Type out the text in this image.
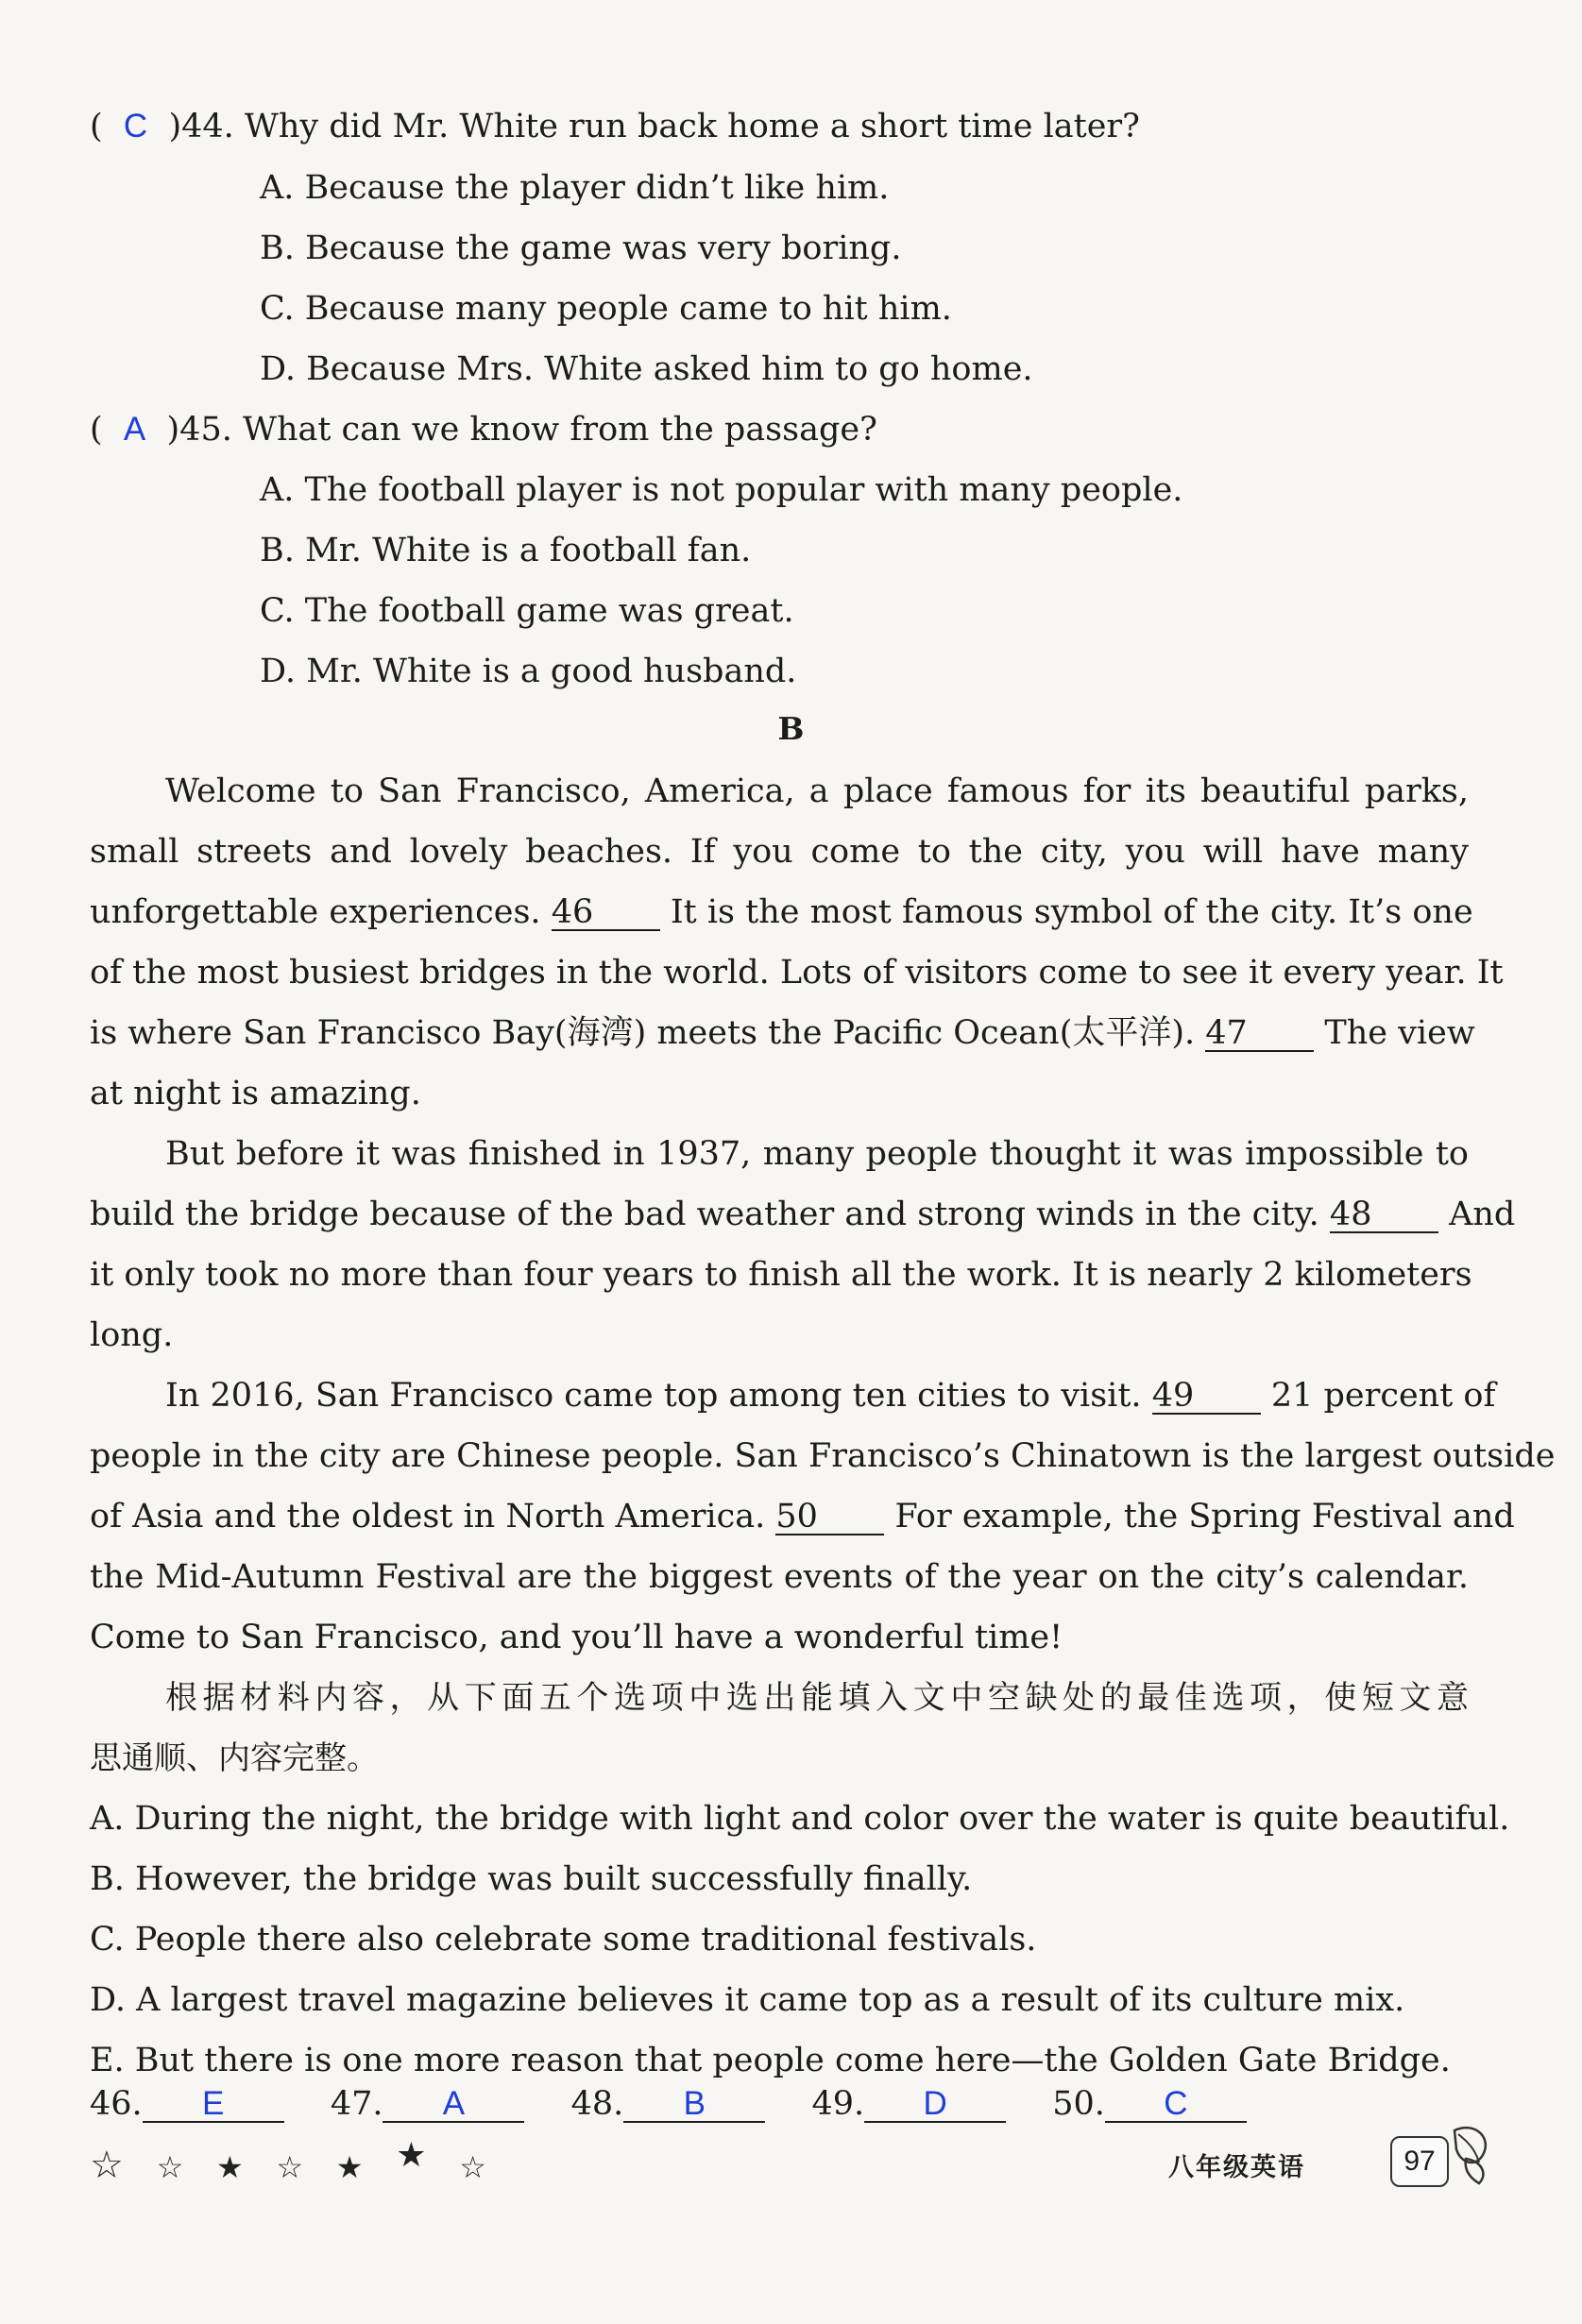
(  C  )44. Why did Mr. White run back home a short time later?
A. Because the player didn’t like him.
B. Because the game was very boring.
C. Because many people came to hit him.
D. Because Mrs. White asked him to go home.
(  A  )45. What can we know from the passage?
A. The football player is not popular with many people.
B. Mr. White is a football fan.
C. The football game was great.
D. Mr. White is a good husband.
B
Welcome to San Francisco, America, a place famous for its beautiful parks,
small streets and lovely beaches. If you come to the city, you will have many
unforgettable experiences. 46 It is the most famous symbol of the city. It’s one
of the most busiest bridges in the world. Lots of visitors come to see it every year. It
is where San Francisco Bay(海湾) meets the Pacific Ocean(太平洋). 47 The view
at night is amazing.
But before it was finished in 1937, many people thought it was impossible to
build the bridge because of the bad weather and strong winds in the city. 48 And
it only took no more than four years to finish all the work. It is nearly 2 kilometers
long.
In 2016, San Francisco came top among ten cities to visit. 49 21 percent of
people in the city are Chinese people. San Francisco’s Chinatown is the largest outside
of Asia and the oldest in North America. 50 For example, the Spring Festival and
the Mid-Autumn Festival are the biggest events of the year on the city’s calendar.
Come to San Francisco, and you’ll have a wonderful time!
根据材料内容，从下面五个选项中选出能填入文中空缺处的最佳选项，使短文意
思通顺、内容完整。
A. During the night, the bridge with light and color over the water is quite beautiful.
B. However, the bridge was built successfully finally.
C. People there also celebrate some traditional festivals.
D. A largest travel magazine believes it came top as a result of its culture mix.
E. But there is one more reason that people come here—the Golden Gate Bridge.
46. E	47. A	48. B	49. D	50. C
☆ ☆ ★ ☆ ★ ★ ☆	八年级英语	97
